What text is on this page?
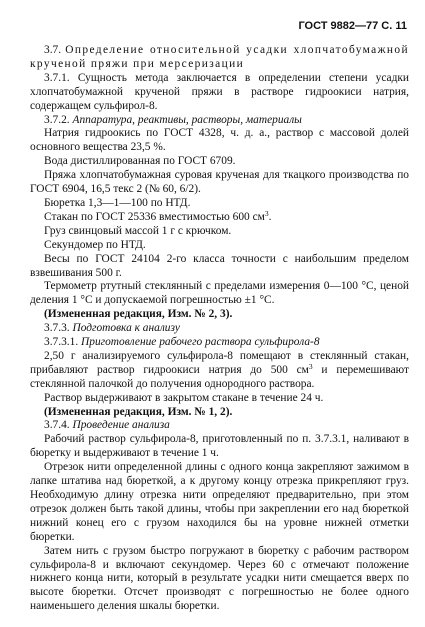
ГОСТ 9882—77 С. 11

3.7. Определение относительной усадки хлопчатобумажной крученой пряжи при мерсеризации

3.7.1. Сущность метода заключается в определении степени усадки хлопчатобумажной крученой пряжи в растворе гидроокиси натрия, содержащем сульфирол-8.

3.7.2. Аппаратура, реактивы, растворы, материалы

Натрия гидроокись по ГОСТ 4328, ч. д. а., раствор с массовой долей основного вещества 23,5 %.

Вода дистиллированная по ГОСТ 6709.

Пряжа хлопчатобумажная суровая крученая для ткацкого производства по ГОСТ 6904, 16,5 текс 2 (№ 60, 6/2).

Бюретка 1,3—1—100 по НТД.

Стакан по ГОСТ 25336 вместимостью 600 $см^3$.

Груз свинцовый массой 1 г с крючком.

Секундомер по НТД.

Весы по ГОСТ 24104 2-го класса точности с наибольшим пределом взвешивания 500 г.

Термометр ртутный стеклянный с пределами измерения 0—100 °С, ценой деления 1 °С и допускаемой погрешностью ±1 °С.

(Измененная редакция, Изм. № 2, 3).

3.7.3. Подготовка к анализу

3.7.3.1. Приготовление рабочего раствора сульфирола-8

2,50 г анализируемого сульфирола-8 помещают в стеклянный стакан, прибавляют раствор гидроокиси натрия до 500 $см^3$ и перемешивают стеклянной палочкой до получения однородного раствора.

Раствор выдерживают в закрытом стакане в течение 24 ч.

(Измененная редакция, Изм. № 1, 2).

3.7.4. Проведение анализа

Рабочий раствор сульфирола-8, приготовленный по п. 3.7.3.1, наливают в бюретку и выдерживают в течение 1 ч.

Отрезок нити определенной длины с одного конца закрепляют зажимом в лапке штатива над бюреткой, а к другому концу отрезка прикрепляют груз. Необходимую длину отрезка нити определяют предварительно, при этом отрезок должен быть такой длины, чтобы при закреплении его над бюреткой нижний конец его с грузом находился бы на уровне нижней отметки бюретки.

Затем нить с грузом быстро погружают в бюретку с рабочим раствором сульфирола-8 и включают секундомер. Через 60 с отмечают положение нижнего конца нити, который в результате усадки нити смещается вверх по высоте бюретки. Отсчет производят с погрешностью не более одного наименьшего деления шкалы бюретки.
